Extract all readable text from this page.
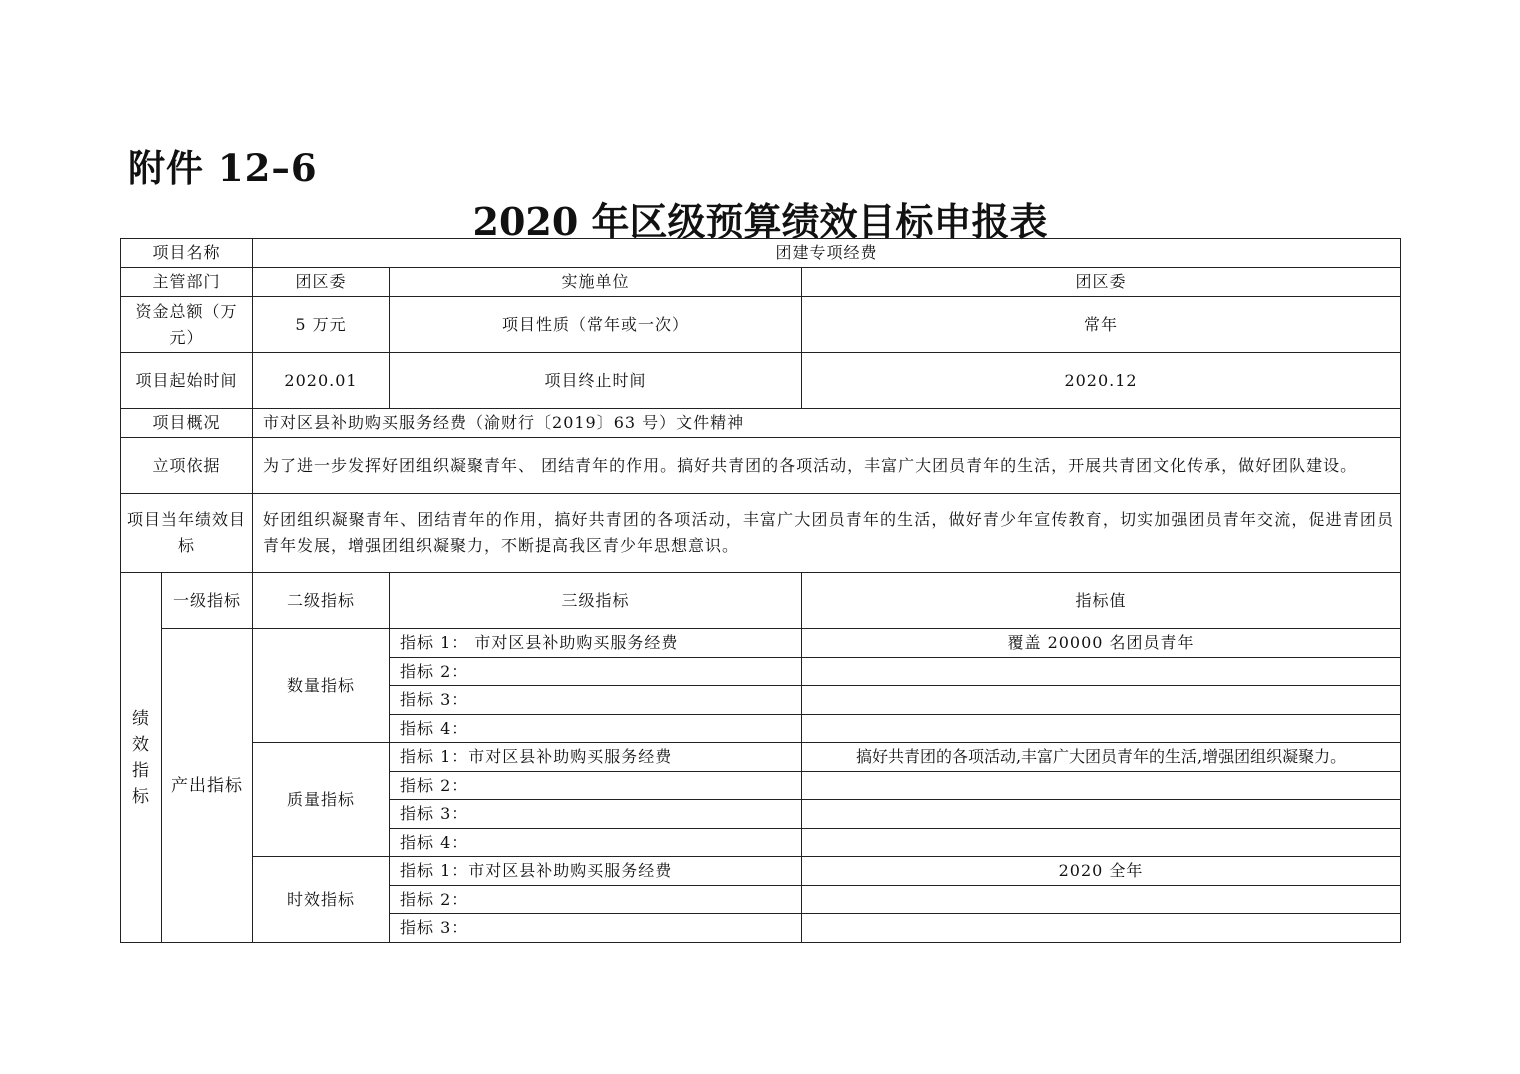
附件 12–6
2020 年区级预算绩效目标申报表
项目名称		团建专项经费		
主管部门		团区委	实施单位	团区委
资金总额（万元）		5 万元	项目性质（常年或一次）	常年
项目起始时间		2020.01	项目终止时间	2020.12
项目概况		市对区县补助购买服务经费（渝财行〔2019〕63 号）文件精神		
立项依据		为了进一步发挥好团组织凝聚青年、 团结青年的作用。搞好共青团的各项活动，丰富广大团员青年的生活，开展共青团文化传承，做好团队建设。		
项目当年绩效目标		好团组织凝聚青年、团结青年的作用，搞好共青团的各项活动，丰富广大团员青年的生活，做好青少年宣传教育，切实加强团员青年交流，促进青团员青年发展，增强团组织凝聚力，不断提高我区青少年思想意识。		
绩效指标	一级指标	二级指标	三级指标	指标值
	产出指标	数量指标	指标 1： 市对区县补助购买服务经费	覆盖 20000 名团员青年
			指标 2：	
			指标 3：	
			指标 4：	
		质量指标	指标 1：市对区县补助购买服务经费	搞好共青团的各项活动,丰富广大团员青年的生活,增强团组织凝聚力。
			指标 2：	
			指标 3：	
			指标 4：	
		时效指标	指标 1：市对区县补助购买服务经费	2020 全年
			指标 2：	
			指标 3：	
